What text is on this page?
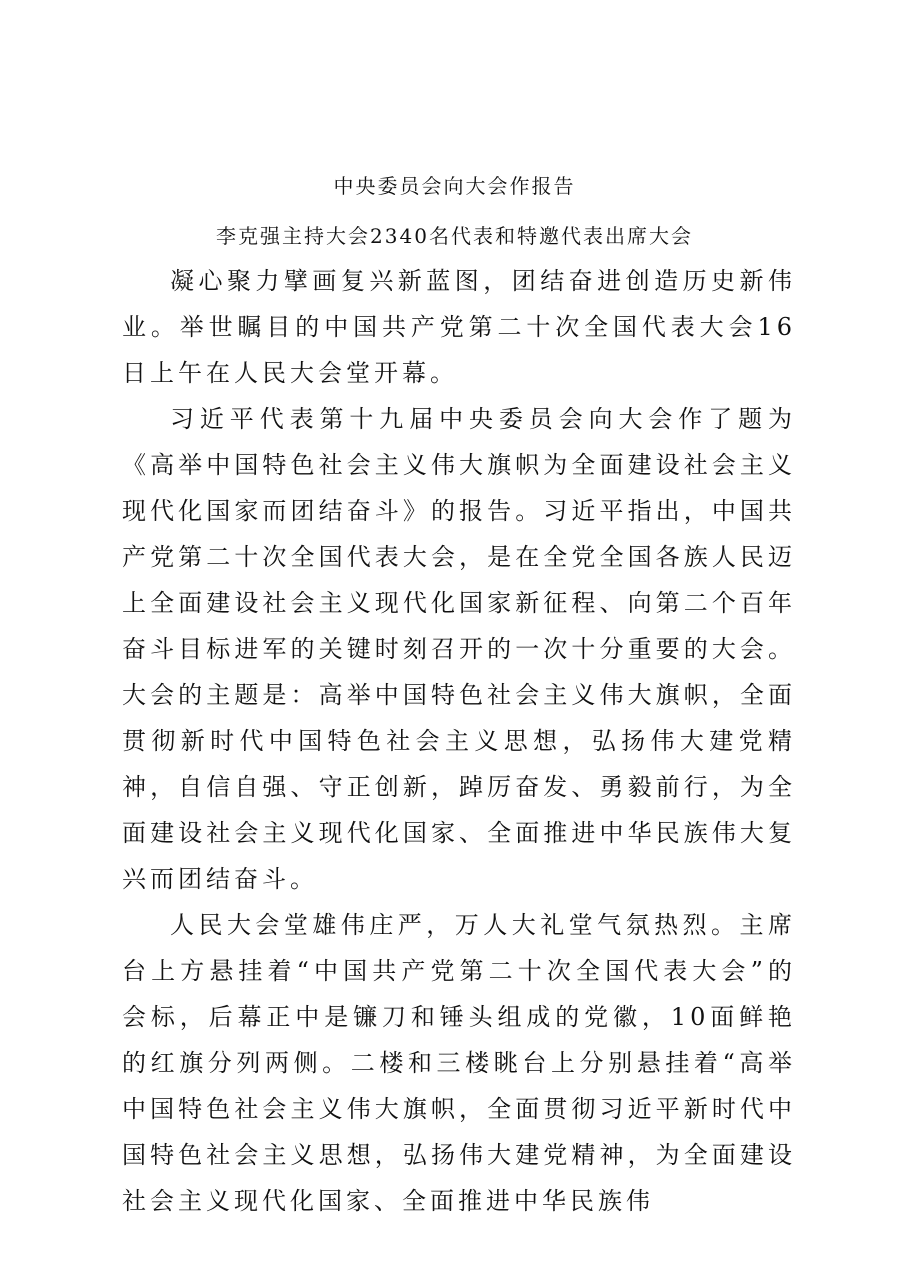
中央委员会向大会作报告
李克强主持大会2340名代表和特邀代表出席大会

凝心聚力擘画复兴新蓝图，团结奋进创造历史新伟业。举世瞩目的中国共产党第二十次全国代表大会16日上午在人民大会堂开幕。

习近平代表第十九届中央委员会向大会作了题为《高举中国特色社会主义伟大旗帜为全面建设社会主义现代化国家而团结奋斗》的报告。习近平指出，中国共产党第二十次全国代表大会，是在全党全国各族人民迈上全面建设社会主义现代化国家新征程、向第二个百年奋斗目标进军的关键时刻召开的一次十分重要的大会。大会的主题是：高举中国特色社会主义伟大旗帜，全面贯彻新时代中国特色社会主义思想，弘扬伟大建党精神，自信自强、守正创新，踔厉奋发、勇毅前行，为全面建设社会主义现代化国家、全面推进中华民族伟大复兴而团结奋斗。

人民大会堂雄伟庄严，万人大礼堂气氛热烈。主席台上方悬挂着“中国共产党第二十次全国代表大会”的会标，后幕正中是镰刀和锤头组成的党徽，10面鲜艳的红旗分列两侧。二楼和三楼眺台上分别悬挂着“高举中国特色社会主义伟大旗帜，全面贯彻习近平新时代中国特色社会主义思想，弘扬伟大建党精神，为全面建设社会主义现代化国家、全面推进中华民族伟
